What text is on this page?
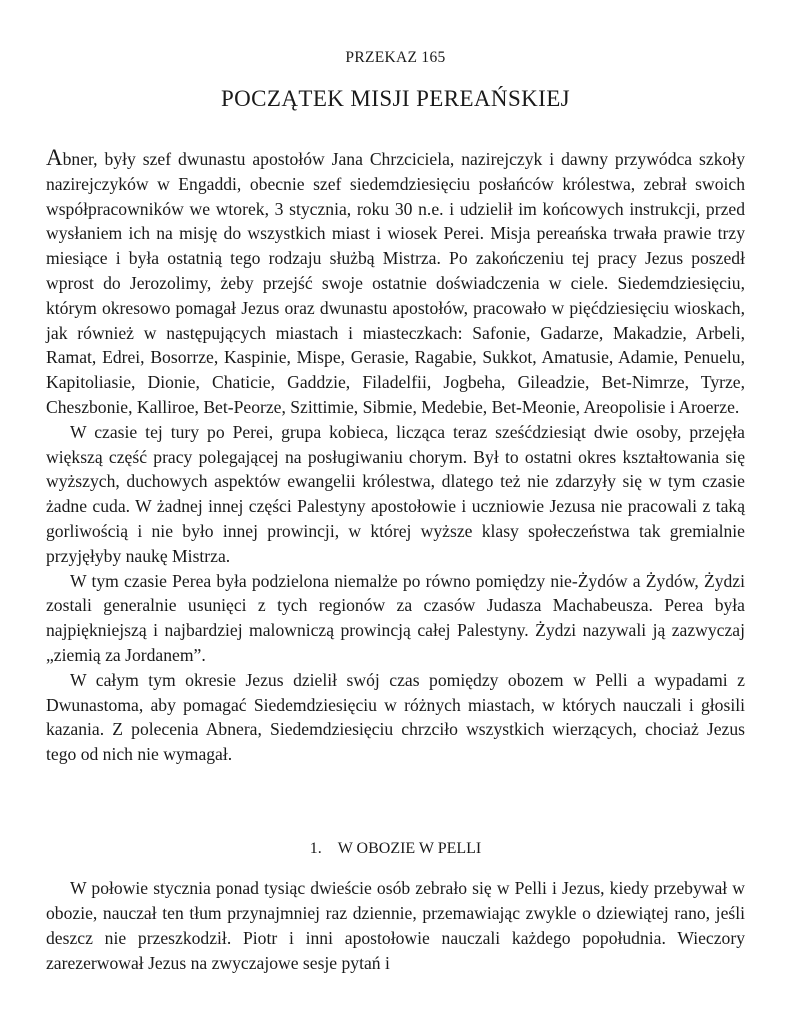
PRZEKAZ 165
POCZĄTEK MISJI PEREAŃSKIEJ

Abner, były szef dwunastu apostołów Jana Chrzciciela, nazirejczyk i dawny przywódca szkoły nazirejczyków w Engaddi, obecnie szef siedemdziesięciu posłańców królestwa, zebrał swoich współpracowników we wtorek, 3 stycznia, roku 30 n.e. i udzielił im końcowych instrukcji, przed wysłaniem ich na misję do wszystkich miast i wiosek Perei. Misja pereańska trwała prawie trzy miesiące i była ostatnią tego rodzaju służbą Mistrza. Po zakończeniu tej pracy Jezus poszedł wprost do Jerozolimy, żeby przejść swoje ostatnie doświadczenia w ciele. Siedemdziesięciu, którym okresowo pomagał Jezus oraz dwunastu apostołów, pracowało w pięćdziesięciu wioskach, jak również w następujących miastach i miasteczkach: Safonie, Gadarze, Makadzie, Arbeli, Ramat, Edrei, Bosorrze, Kaspinie, Mispe, Gerasie, Ragabie, Sukkot, Amatusie, Adamie, Penuelu, Kapitoliasie, Dionie, Chaticie, Gaddzie, Filadelfii, Jogbeha, Gileadzie, Bet-Nimrze, Tyrze, Cheszbonie, Kalliroe, Bet-Peorze, Szittimie, Sibmie, Medebie, Bet-Meonie, Areopolisie i Aroerze.

W czasie tej tury po Perei, grupa kobieca, licząca teraz sześćdziesiąt dwie osoby, przejęła większą część pracy polegającej na posługiwaniu chorym. Był to ostatni okres kształtowania się wyższych, duchowych aspektów ewangelii królestwa, dlatego też nie zdarzyły się w tym czasie żadne cuda. W żadnej innej części Palestyny apostołowie i uczniowie Jezusa nie pracowali z taką gorliwością i nie było innej prowincji, w której wyższe klasy społeczeństwa tak gremialnie przyjęłyby naukę Mistrza.

W tym czasie Perea była podzielona niemalże po równo pomiędzy nie-Żydów a Żydów, Żydzi zostali generalnie usunięci z tych regionów za czasów Judasza Machabeusza. Perea była najpiękniejszą i najbardziej malowniczą prowincją całej Palestyny. Żydzi nazywali ją zazwyczaj „ziemią za Jordanem”.

W całym tym okresie Jezus dzielił swój czas pomiędzy obozem w Pelli a wypadami z Dwunastoma, aby pomagać Siedemdziesięciu w różnych miastach, w których nauczali i głosili kazania. Z polecenia Abnera, Siedemdziesięciu chrzciło wszystkich wierzących, chociaż Jezus tego od nich nie wymagał.

1. W OBOZIE W PELLI

W połowie stycznia ponad tysiąc dwieście osób zebrało się w Pelli i Jezus, kiedy przebywał w obozie, nauczał ten tłum przynajmniej raz dziennie, przemawiając zwykle o dziewiątej rano, jeśli deszcz nie przeszkodził. Piotr i inni apostołowie nauczali każdego popołudnia. Wieczory zarezerwował Jezus na zwyczajowe sesje pytań i
